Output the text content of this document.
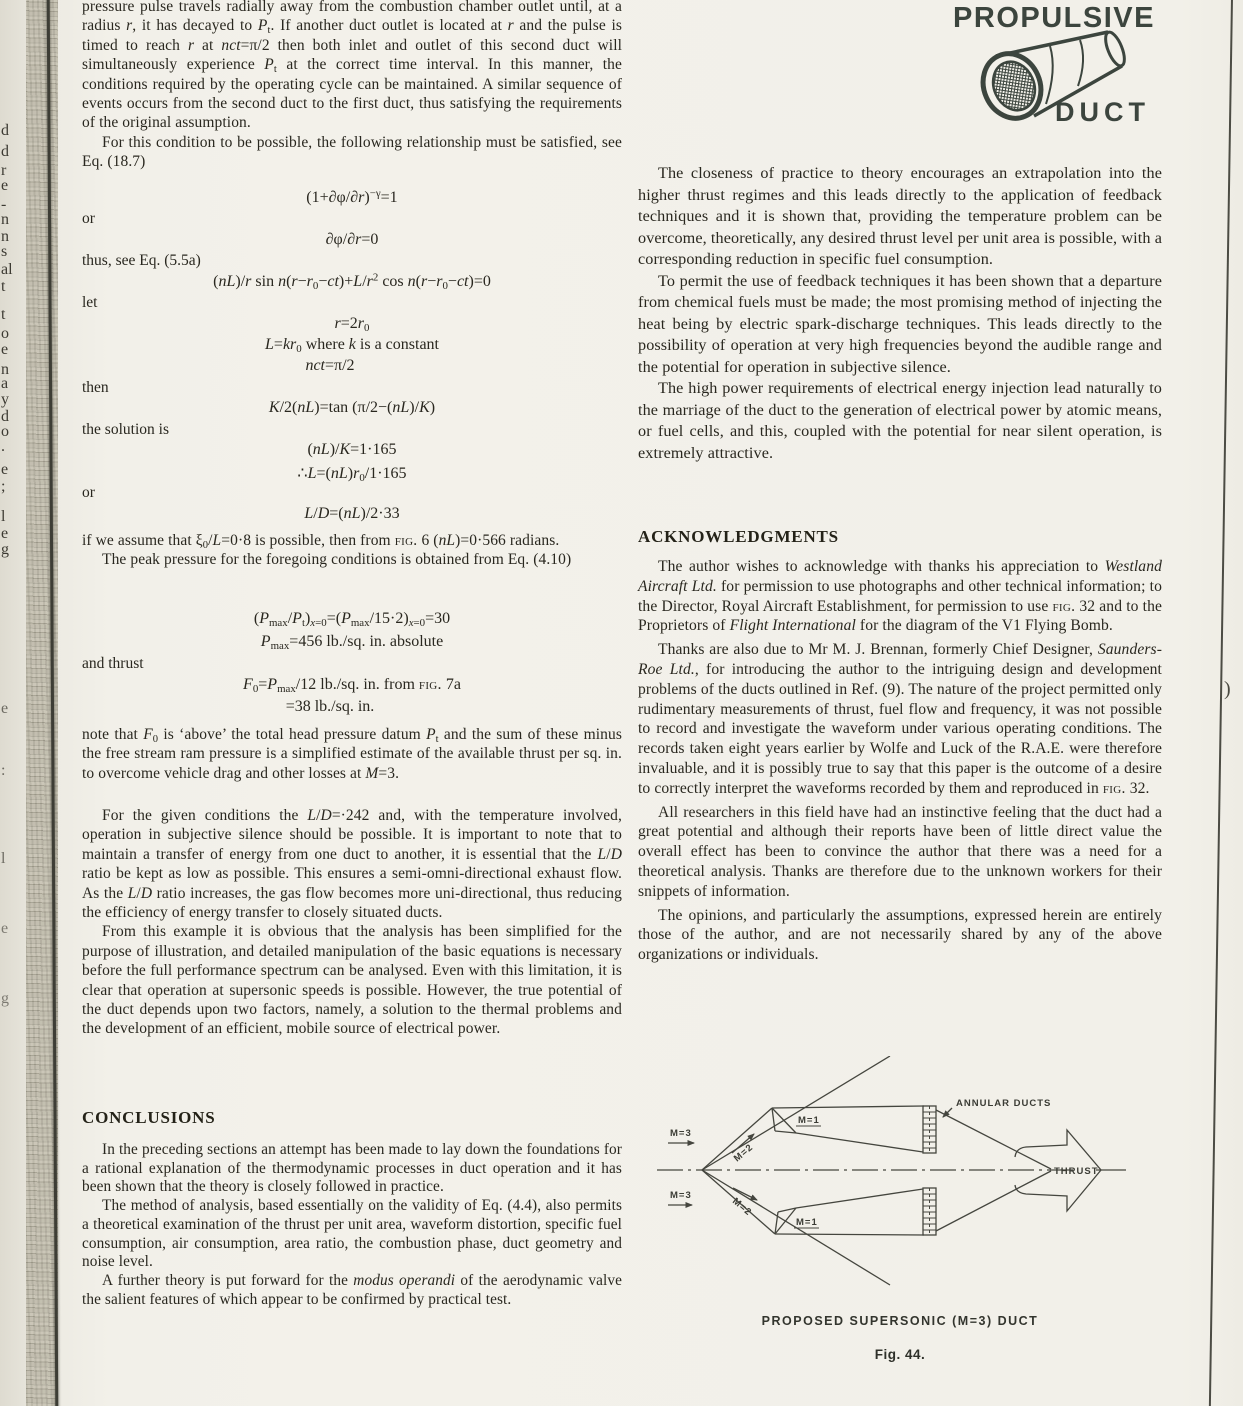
d
d
r
e
-
n
n
s
al
t
t
o
e
n
a
y
d
o
.
e
;
l
e
g
e
:
l
e
g
)

pressure pulse travels radially away from the combustion chamber outlet until, at a radius r, it has decayed to $P_t$. If another duct outlet is located at r and the pulse is timed to reach r at nct=π/2 then both inlet and outlet of this second duct will simultaneously experience $P_t$ at the correct time interval. In this manner, the conditions required by the operating cycle can be maintained. A similar sequence of events occurs from the second duct to the first duct, thus satisfying the requirements of the original assumption.

For this condition to be possible, the following relationship must be satisfied, see Eq. (18.7)

$(1+\partial\varphi/\partial r)^{-\gamma}=1$
or
∂φ/∂r=0
thus, see Eq. (5.5a)
(nL)/r $\sin n(r-r_0-ct)+L/r^2$ $\cos n(r-r_0-ct)=0$
let
$r=2r_0$
$L=kr_0$ where k is a constant
nct=π/2
then
K/2(nL)=tan (π/2−(nL)/K)
the solution is
(nL)/K=1·165
$\therefore L=(nL)r_0/1\cdot 165$
or
L/D=(nL)/2·33

if we assume that $\xi_0/L=0\cdot 8$ is possible, then from fig. 6 (nL)=0·566 radians.

The peak pressure for the foregoing conditions is obtained from Eq. (4.10)

$(P_{max}/P_t)_{x=0}=(P_{max}/15\cdot 2)_{x=0}=30$
$P_{max}=456$ lb./sq. in. absolute
and thrust
$F_0=P_{max}/12$ lb./sq. in. from fig. 7a
=38 lb./sq. in.

note that $F_0$ is ‘above’ the total head pressure datum $P_t$ and the sum of these minus the free stream ram pressure is a simplified estimate of the available thrust per sq. in. to overcome vehicle drag and other losses at M=3.

For the given conditions the L/D=·242 and, with the temperature involved, operation in subjective silence should be possible. It is important to note that to maintain a transfer of energy from one duct to another, it is essential that the L/D ratio be kept as low as possible. This ensures a semi-omni-directional exhaust flow. As the L/D ratio increases, the gas flow becomes more uni-directional, thus reducing the efficiency of energy transfer to closely situated ducts.

From this example it is obvious that the analysis has been simplified for the purpose of illustration, and detailed manipulation of the basic equations is necessary before the full performance spectrum can be analysed. Even with this limitation, it is clear that operation at supersonic speeds is possible. However, the true potential of the duct depends upon two factors, namely, a solution to the thermal problems and the development of an efficient, mobile source of electrical power.

CONCLUSIONS

In the preceding sections an attempt has been made to lay down the foundations for a rational explanation of the thermodynamic processes in duct operation and it has been shown that the theory is closely followed in practice.

The method of analysis, based essentially on the validity of Eq. (4.4), also permits a theoretical examination of the thrust per unit area, waveform distortion, specific fuel consumption, air consumption, area ratio, the combustion phase, duct geometry and noise level.

A further theory is put forward for the modus operandi of the aerodynamic valve the salient features of which appear to be confirmed by practical test.

PROPULSIVE
DUCT

The closeness of practice to theory encourages an extrapolation into the higher thrust regimes and this leads directly to the application of feedback techniques and it is shown that, providing the temperature problem can be overcome, theoretically, any desired thrust level per unit area is possible, with a corresponding reduction in specific fuel consumption.

To permit the use of feedback techniques it has been shown that a departure from chemical fuels must be made; the most promising method of injecting the heat being by electric spark-discharge techniques. This leads directly to the possibility of operation at very high frequencies beyond the audible range and the potential for operation in subjective silence.

The high power requirements of electrical energy injection lead naturally to the marriage of the duct to the generation of electrical power by atomic means, or fuel cells, and this, coupled with the potential for near silent operation, is extremely attractive.

ACKNOWLEDGMENTS

The author wishes to acknowledge with thanks his appreciation to Westland Aircraft Ltd. for permission to use photographs and other technical information; to the Director, Royal Aircraft Establishment, for permission to use fig. 32 and to the Proprietors of Flight International for the diagram of the V1 Flying Bomb.

Thanks are also due to Mr M. J. Brennan, formerly Chief Designer, Saunders-Roe Ltd., for introducing the author to the intriguing design and development problems of the ducts outlined in Ref. (9). The nature of the project permitted only rudimentary measurements of thrust, fuel flow and frequency, it was not possible to record and investigate the waveform under various operating conditions. The records taken eight years earlier by Wolfe and Luck of the R.A.E. were therefore invaluable, and it is possibly true to say that this paper is the outcome of a desire to correctly interpret the waveforms recorded by them and reproduced in fig. 32.

All researchers in this field have had an instinctive feeling that the duct had a great potential and although their reports have been of little direct value the overall effect has been to convince the author that there was a need for a theoretical analysis. Thanks are therefore due to the unknown workers for their snippets of information.

The opinions, and particularly the assumptions, expressed herein are entirely those of the author, and are not necessarily shared by any of the above organizations or individuals.

M=3
M=3
M=2
M=2
M=1
M=1
ANNULAR DUCTS
THRUST
PROPOSED SUPERSONIC (M=3) DUCT
Fig. 44.
